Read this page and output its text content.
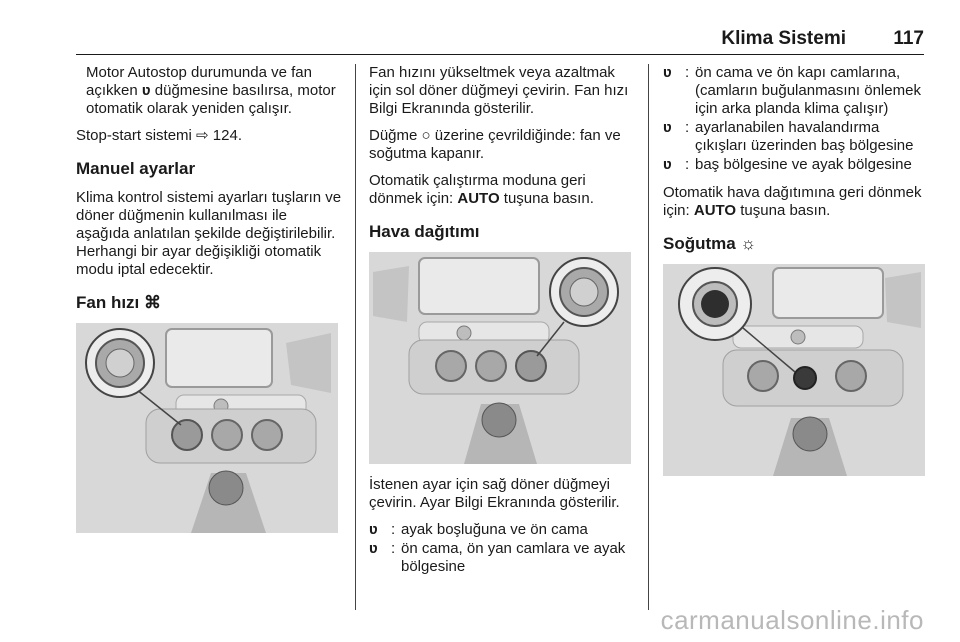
Klima Sistemi 117

Motor Autostop durumunda ve fan açıkken ʋ düğmesine basılırsa, motor otomatik olarak yeniden çalışır.

Stop-start sistemi ⇨ 124.

Manuel ayarlar

Klima kontrol sistemi ayarları tuşların ve döner düğmenin kullanılması ile aşağıda anlatılan şekilde değiştirilebilir. Herhangi bir ayar değişikliği otomatik modu iptal edecektir.

Fan hızı ⌘

Fan hızını yükseltmek veya azaltmak için sol döner düğmeyi çevirin. Fan hızı Bilgi Ekranında gösterilir.

Düğme ○ üzerine çevrildiğinde: fan ve soğutma kapanır.

Otomatik çalıştırma moduna geri dönmek için: AUTO tuşuna basın.

Hava dağıtımı

İstenen ayar için sağ döner düğmeyi çevirin. Ayar Bilgi Ekranında gösterilir.

ʋ : ayak boşluğuna ve ön cama
ʋ : ön cama, ön yan camlara ve ayak bölgesine
ʋ : ön cama ve ön kapı camlarına, (camların buğulanmasını önlemek için arka planda klima çalışır)
ʋ : ayarlanabilen havalandırma çıkışları üzerinden baş bölgesine
ʋ : baş bölgesine ve ayak bölgesine

Otomatik hava dağıtımına geri dönmek için: AUTO tuşuna basın.

Soğutma ☼
carmanualsonline.info
